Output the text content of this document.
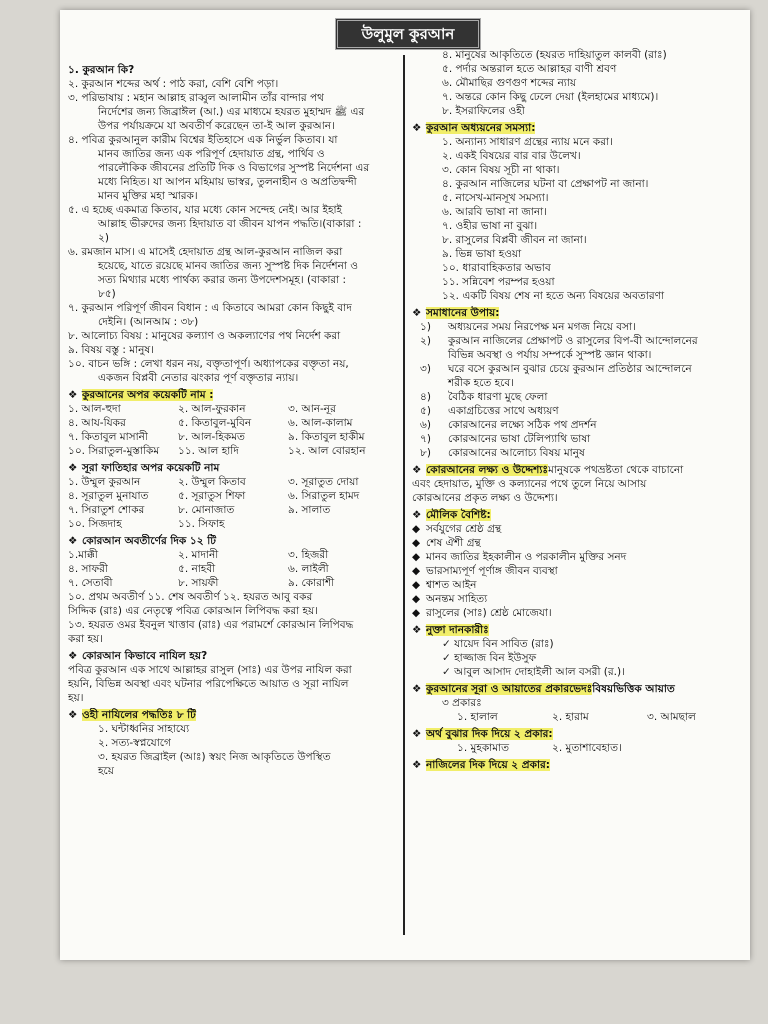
উলুমুল কুরআন
১. কুরআন কি?
২. কুরআন শব্দের অর্থ : পাঠ করা, বেশি বেশি পড়া।
৩. পরিভাষায় : মহান আল্লাহ রাব্বুল আলামীন তাঁর বান্দার পথ
নির্দেশের জন্য জিব্রাঈল (আ.) এর মাধ্যমে হযরত মুহাম্মদ ﷺ এর
উপর পর্যায়ক্রমে যা অবতীর্ণ করেছেন তা-ই আল কুরআন।
৪. পবিত্র কুরআনুল কারীম বিশ্বের ইতিহাসে এক নির্ভুল কিতাব। যা
মানব জাতির জন্য এক পরিপূর্ণ হেদায়াত গ্রন্থ, পার্থিব ও
পারলৌকিক জীবনের প্রতিটি দিক ও বিভাগের সুস্পষ্ট নির্দেশনা এর
মধ্যে নিহিত। যা আপন মহিমায় ভাস্বর, তুলনাহীন ও অপ্রতিদ্বন্দী
মানব মুক্তির মহা স্মারক।
৫. এ হচ্ছে একমাত্র কিতাব, যার মধ্যে কোন সন্দেহ নেই। আর ইহাই
আল্লাহ ভীরুদের জন্য হিদায়াত বা জীবন যাপন পদ্ধতি।(বাকারা :
২)
৬. রমজান মাস। এ মাসেই হেদায়াত গ্রন্থ আল-কুরআন নাজিল করা
হয়েছে, যাতে রয়েছে মানব জাতির জন্য সুস্পষ্ট দিক নির্দেশনা ও
সত্য মিথ্যার মধ্যে পার্থক্য করার জন্য উপদেশসমূহ। (বাকারা :
৮৫)
৭. কুরআন পরিপূর্ণ জীবন বিধান : এ কিতাবে আমরা কোন কিছুই বাদ
দেইনি। (আনআম : ৩৮)
৮. আলোচ্য বিষয় : মানুষের কল্যাণ ও অকল্যাণের পথ নির্দেশ করা
৯. বিষয় বস্তু : মানুষ।
১০. বাচন ভঙ্গি : লেখা ধরন নয়, বক্তৃতাপূর্ণ। অধ্যাপকের বক্তৃতা নয়,
একজন বিপ্লবী নেতার ঝংকার পূর্ণ বক্তৃতার ন্যায়।
❖ কুরআনের অপর কয়েকটি নাম :
১. আল-হুদা	২. আল-ফুরকান	৩. আন-নূর
৪. আয-যিকর	৫. কিতাবুল-মুবিন	৬. আল-কালাম
৭. কিতাবুল মাসানী	৮. আল-হিকমত	৯. কিতাবুল হাকীম
১০. সিরাতুল-মুস্তাকিম	১১. আল হাদি	১২. আল বোরহান
❖ সূরা ফাতিহার অপর কয়েকটি নাম
১. উম্মুল কুরআন	২. উম্মুল কিতাব	৩. সূরাতুত দোয়া
৪. সূরাতুল মুনাযাত	৫. সূরাতুস শিফা	৬. সিরাতুল হামদ
৭. সিরাতুশ শোকর	৮. মোনাজাত	৯. সালাত
১০. সিজদাহ	১১. সিফাহ
❖ কোরআন অবতীর্ণের দিক ১২ টি
১.মাক্কী	২. মাদানী	৩. হিজরী
৪. সাফরী	৫. নাহবী	৬. লাইলী
৭. সেতাবী	৮. সায়ফী	৯. কোরাশী
১০. প্রথম অবতীর্ণ ১১. শেষ অবতীর্ণ ১২. হযরত আবু বকর
সিদ্দিক (রাঃ) এর নেতৃত্বে পবিত্র কোরআন লিপিবদ্ধ করা হয়।
১৩. হযরত ওমর ইবনুল খাত্তাব (রাঃ) এর পরামর্শে কোরআন লিপিবদ্ধ
করা হয়।
❖ কোরআন কিভাবে নাযিল হয়?
পবিত্র কুরআন এক সাথে আল্লাহর রাসুল (সাঃ) এর উপর নাযিল করা
হয়নি, বিভিন্ন অবস্থা এবং ঘটনার পরিপেক্ষিতে আয়াত ও সূরা নাযিল
হয়।
❖ ওহী নাযিলের পদ্ধতিঃ ৮ টি
১. ঘন্টাধ্বনির সাহায্যে
২. সত্য-স্বপ্নযোগে
৩. হযরত জিব্রাইল (আঃ) স্বয়ং নিজ আকৃতিতে উপস্থিত
হয়ে
৪. মানুষের আকৃতিতে (হযরত দাহিয়াতুল কালবী (রাঃ)
৫. পর্দার অন্তরাল হতে আল্লাহর বাণী শ্রবণ
৬. মৌমাছির গুণগুণ শব্দের ন্যায়
৭. অন্তরে কোন কিছু ঢেলে দেয়া (ইলহামের মাধ্যমে)।
৮. ইসরাফিলের ওহী
❖ কুরআন অধ্যয়নের সমস্যা:
১. অন্যান্য সাধারণ গ্রন্থের ন্যায় মনে করা।
২. একই বিষয়ের বার বার উলেখ।
৩. কোন বিষয় সূচী না থাকা।
৪. কুরআন নাজিলের ঘটনা বা প্রেক্ষাপট না জানা।
৫. নাসেখ-মানসূখ সমস্যা।
৬. আরবি ভাষা না জানা।
৭. ওহীর ভাষা না বুঝা।
৮. রাসুলের বিপ্লবী জীবন না জানা।
৯. ভিন্ন ভাষা হওয়া
১০. ধারাবাহিকতার অভাব
১১. সন্নিবেশ পরম্পর হওয়া
১২. একটি বিষয় শেষ না হতে অন্য বিষয়ের অবতারণা
❖ সমাধানের উপায়:
১) অধ্যয়নের সময় নিরপেক্ষ মন মগজ নিয়ে বসা।
২) কুরআন নাজিলের প্রেক্ষাপট ও রাসুলের বিপ-বী আন্দোলনের
বিভিন্ন অবস্থা ও পর্যায় সম্পর্কে সুস্পষ্ট জ্ঞান থাকা।
৩) ঘরে বসে কুরআন বুঝার চেয়ে কুরআন প্রতিষ্ঠার আন্দোলনে
শরীক হতে হবে।
৪) বৈঠিক ধারণা মুছে ফেলা
৫) একাগ্রচিত্তের সাথে অধ্যয়ণ
৬) কোরআনের লক্ষ্যে সঠিক পথ প্রদর্শন
৭) কোরআনের ভাষা টেলিপ্যাথি ভাষা
৮) কোরআনের আলোচ্য বিষয় মানুষ
❖ কোরআনের লক্ষ্য ও উদ্দেশ্যঃমানুষকে পথভ্রষ্টতা থেকে বাচানো
এবং হেদায়াত, মুক্তি ও কল্যানের পথে তুলে নিয়ে আসায়
কোরআনের প্রকৃত লক্ষ্য ও উদ্দেশ্য।
❖ মৌলিক বৈশিষ্ট:
◆ সর্বযুগের শ্রেষ্ঠ গ্রন্থ
◆ শেষ ঐশী গ্রন্থ
◆ মানব জাতির ইহকালীন ও পরকালীন মুক্তির সনদ
◆ ভারসাম্যপূর্ণ পূর্ণাঙ্গ জীবন ব্যবস্থা
◆ শ্বাশত আইন
◆ অনন্তম সাহিত্য
◆ রাসুলের (সাঃ) শ্রেষ্ঠ মোজেযা।
❖ নুক্তা দানকারীঃ
✓ যায়েদ বিন সাবিত (রাঃ)
✓ হাজ্জাজ বিন ইউসুফ
✓ আবুল আসাদ দোহাইলী আল বসরী (র.)।
❖ কুরআনের সূরা ও আয়াতের প্রকারভেদঃবিষয়ভিত্তিক আয়াত
৩ প্রকারঃ
১. হালাল	২. হারাম	৩. আমছাল
❖ অর্থ বুঝার দিক দিয়ে ২ প্রকার:
১. মুহকামাত	২. মুতাশাবেহাত।
❖ নাজিলের দিক দিয়ে ২ প্রকার:
